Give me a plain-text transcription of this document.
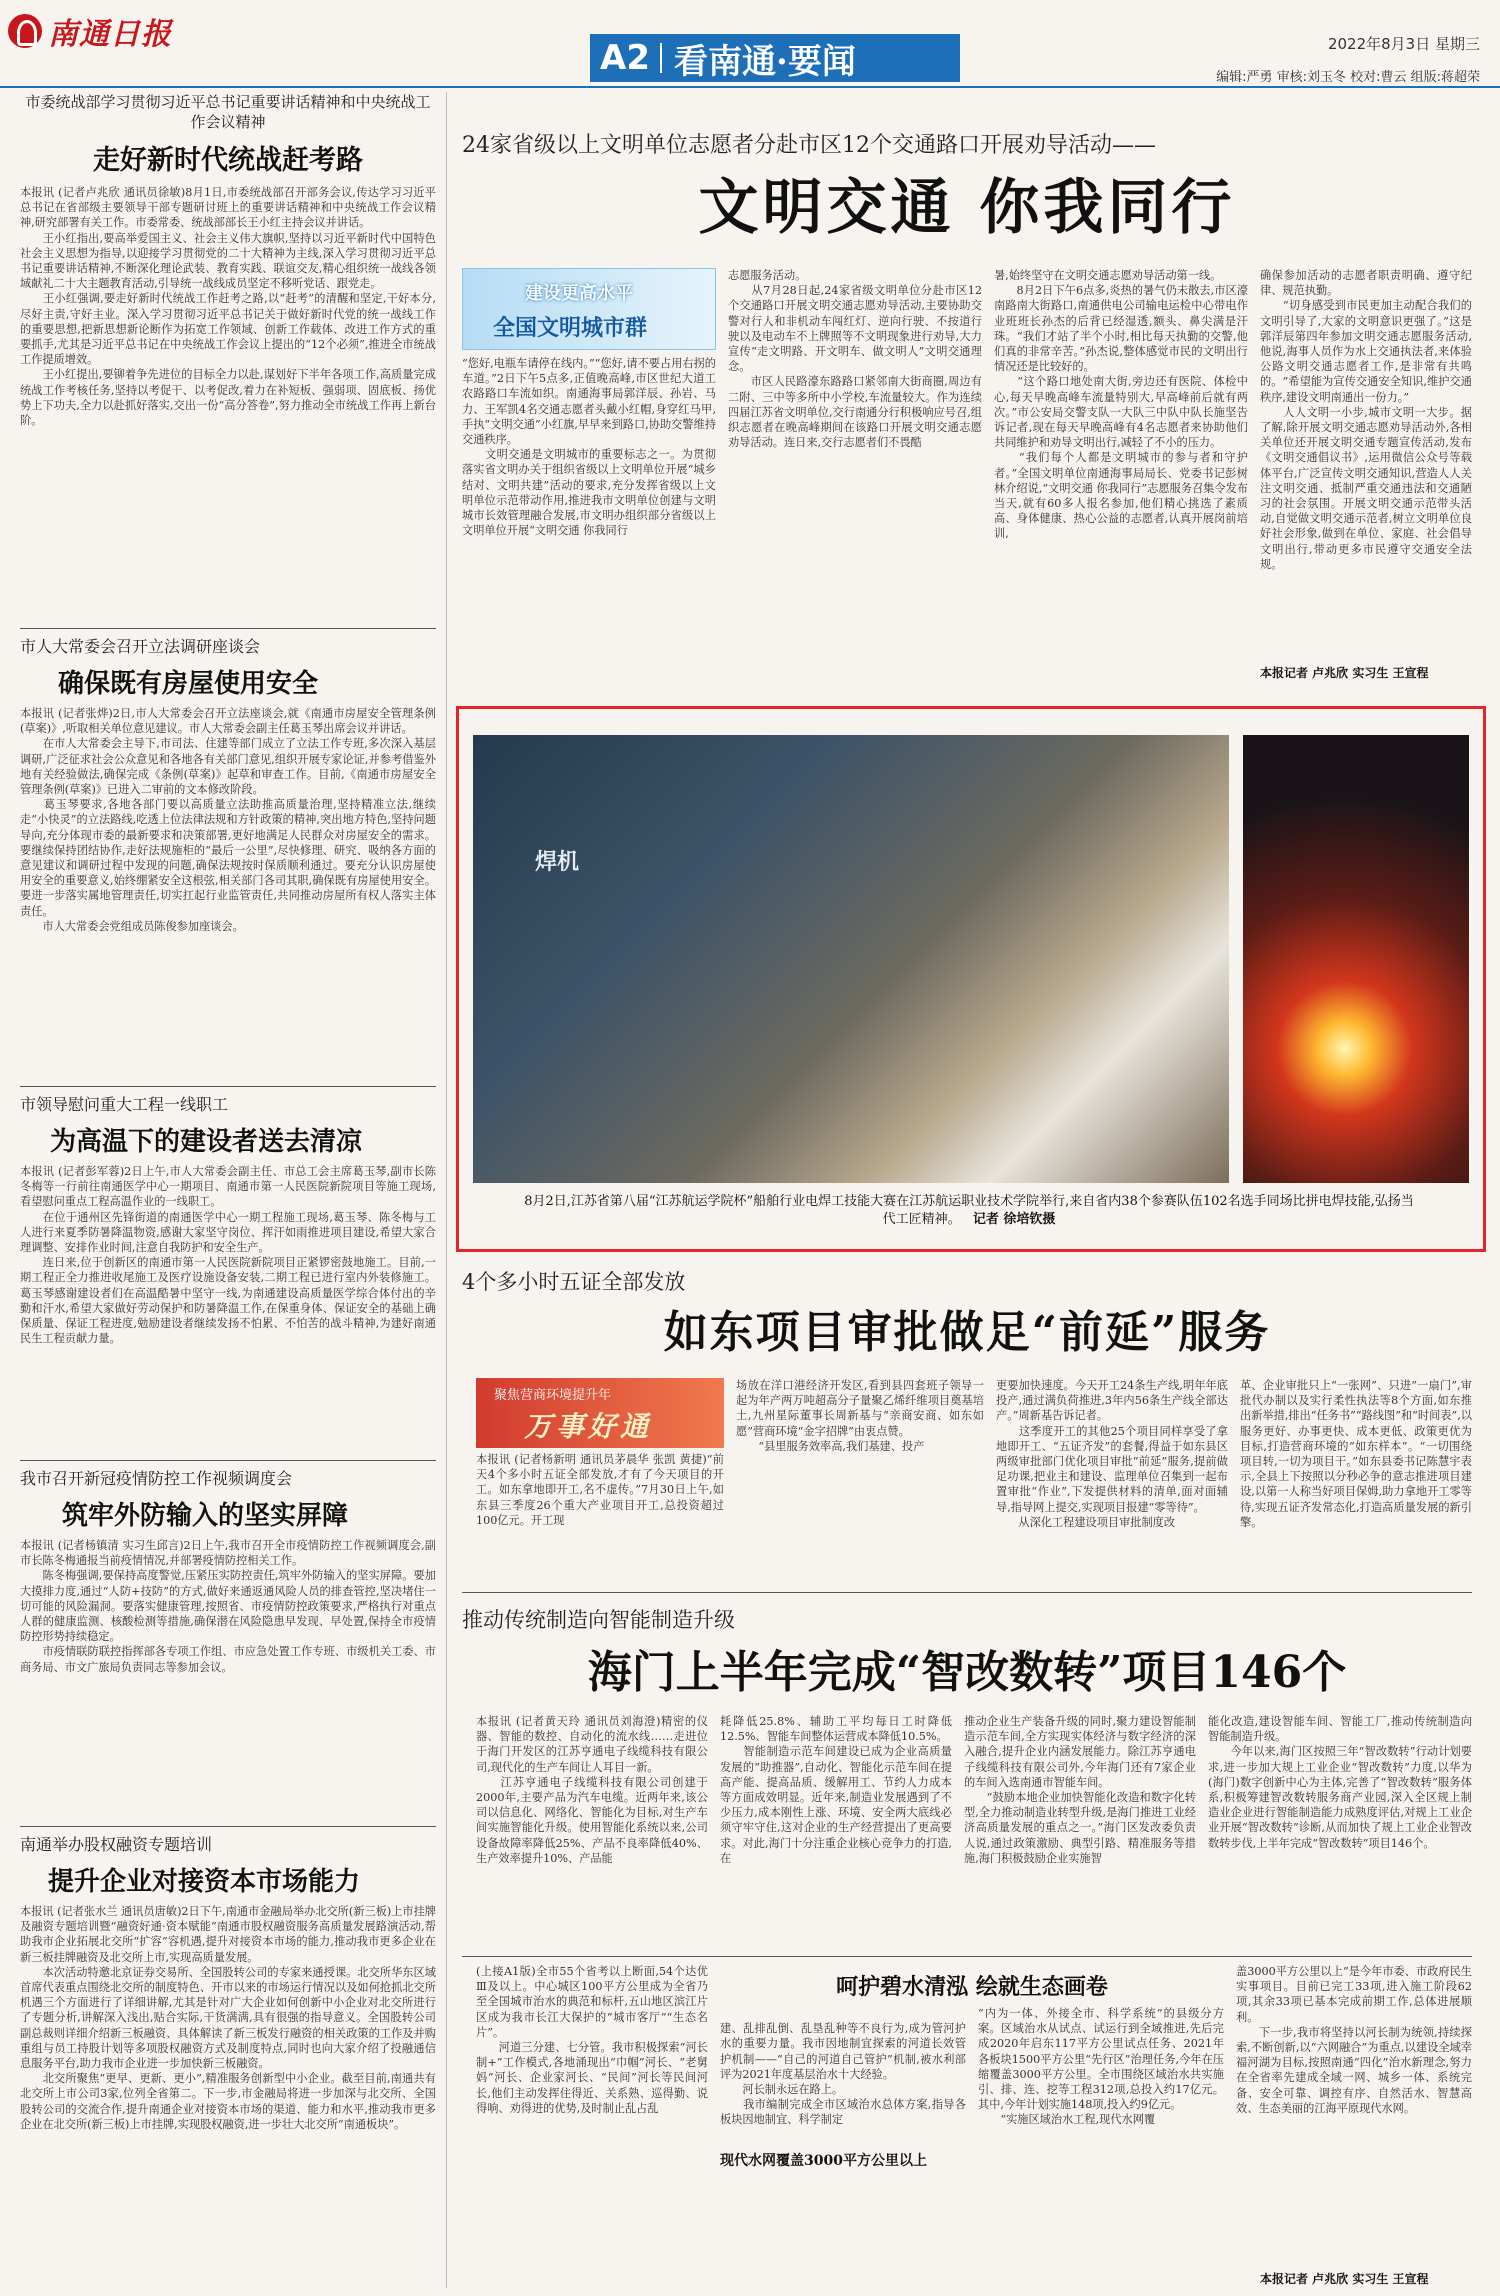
南通日报
A2 看南通·要闻	2022年8月3日 星期三
编辑:严勇 审核:刘玉冬 校对:曹云 组版:蒋超荣
市委统战部学习贯彻习近平总书记重要讲话精神和中央统战工作会议精神
走好新时代统战赶考路
本报讯 (记者卢兆欣 通讯员徐敏)8月1日,市委统战部召开部务会议,传达学习习近平总书记在省部级主要领导干部专题研讨班上的重要讲话精神和中央统战工作会议精神,研究部署有关工作。市委常委、统战部部长王小红主持会议并讲话。
　　王小红指出,要高举爱国主义、社会主义伟大旗帜,坚持以习近平新时代中国特色社会主义思想为指导,以迎接学习贯彻党的二十大精神为主线,深入学习贯彻习近平总书记重要讲话精神,不断深化理论武装、教育实践、联谊交友,精心组织统一战线各领域献礼二十大主题教育活动,引导统一战线成员坚定不移听党话、跟党走。
　　王小红强调,要走好新时代统战工作赶考之路,以“赶考”的清醒和坚定,干好本分,尽好主责,守好主业。深入学习贯彻习近平总书记关于做好新时代党的统一战线工作的重要思想,把新思想新论断作为拓宽工作领域、创新工作载体、改进工作方式的重要抓手,尤其是习近平总书记在中央统战工作会议上提出的“12个必须”,推进全市统战工作提质增效。
　　王小红提出,要铆着争先进位的目标全力以赴,谋划好下半年各项工作,高质量完成统战工作考核任务,坚持以考促干、以考促改,着力在补短板、强弱项、固底板、扬优势上下功夫,全力以赴抓好落实,交出一份“高分答卷”,努力推动全市统战工作再上新台阶。
市人大常委会召开立法调研座谈会
确保既有房屋使用安全
本报讯 (记者张烨)2日,市人大常委会召开立法座谈会,就《南通市房屋安全管理条例(草案)》,听取相关单位意见建议。市人大常委会副主任葛玉琴出席会议并讲话。
　　在市人大常委会主导下,市司法、住建等部门成立了立法工作专班,多次深入基层调研,广泛征求社会公众意见和各地各有关部门意见,组织开展专家论证,并参考借鉴外地有关经验做法,确保完成《条例(草案)》起草和审查工作。目前,《南通市房屋安全管理条例(草案)》已进入二审前的文本修改阶段。
　　葛玉琴要求,各地各部门要以高质量立法助推高质量治理,坚持精准立法,继续走“小快灵”的立法路线,吃透上位法律法规和方针政策的精神,突出地方特色,坚持问题导向,充分体现市委的最新要求和决策部署,更好地满足人民群众对房屋安全的需求。要继续保持团结协作,走好法规施柜的“最后一公里”,尽快修理、研究、吸纳各方面的意见建议和调研过程中发现的问题,确保法规按时保质顺利通过。要充分认识房屋使用安全的重要意义,始终绷紧安全这根弦,相关部门各司其职,确保既有房屋使用安全。要进一步落实属地管理责任,切实扛起行业监管责任,共同推动房屋所有权人落实主体责任。
　　市人大常委会党组成员陈俊参加座谈会。
市领导慰问重大工程一线职工
为高温下的建设者送去清凉
本报讯 (记者彭军蓉)2日上午,市人大常委会副主任、市总工会主席葛玉琴,副市长陈冬梅等一行前往南通医学中心一期项目、南通市第一人民医院新院项目等施工现场,看望慰问重点工程高温作业的一线职工。
　　在位于通州区先锋街道的南通医学中心一期工程施工现场,葛玉琴、陈冬梅与工人进行来夏季防暑降温物资,感谢大家坚守岗位、挥汗如雨推进项目建设,希望大家合理调整、安排作业时间,注意自我防护和安全生产。
　　连日来,位于创新区的南通市第一人民医院新院项目正紧锣密鼓地施工。目前,一期工程正全力推进收尾施工及医疗设施设备安装,二期工程已进行室内外装修施工。葛玉琴感谢建设者们在高温酷暑中坚守一线,为南通建设高质量医学综合体付出的辛勤和汗水,希望大家做好劳动保护和防暑降温工作,在保重身体、保证安全的基础上确保质量、保证工程进度,勉励建设者继续发扬不怕累、不怕苦的战斗精神,为建好南通民生工程贡献力量。
我市召开新冠疫情防控工作视频调度会
筑牢外防输入的坚实屏障
本报讯 (记者杨镇清 实习生邱言)2日上午,我市召开全市疫情防控工作视频调度会,副市长陈冬梅通报当前疫情情况,并部署疫情防控相关工作。
　　陈冬梅强调,要保持高度警觉,压紧压实防控责任,筑牢外防输入的坚实屏障。要加大摸排力度,通过“人防+技防”的方式,做好来通返通风险人员的排查管控,坚决堵住一切可能的风险漏洞。要落实健康管理,按照省、市疫情防控政策要求,严格执行对重点人群的健康监测、核酸检测等措施,确保潜在风险隐患早发现、早处置,保持全市疫情防控形势持续稳定。
　　市疫情联防联控指挥部各专项工作组、市应急处置工作专班、市级机关工委、市商务局、市文广旅局负责同志等参加会议。
南通举办股权融资专题培训
提升企业对接资本市场能力
本报讯 (记者张水兰 通讯员唐敏)2日下午,南通市金融局举办北交所(新三板)上市挂牌及融资专题培训暨“融资好通·资本赋能”南通市股权融资服务高质量发展路演活动,帮助我市企业拓展北交所“扩容”容机遇,提升对接资本市场的能力,推动我市更多企业在新三板挂牌融资及北交所上市,实现高质量发展。
　　本次活动特邀北京证券交易所、全国股转公司的专家来通授课。北交所华东区域首席代表重点围绕北交所的制度特色、开市以来的市场运行情况以及如何抢抓北交所机遇三个方面进行了详细讲解,尤其是针对广大企业如何创新中小企业对北交所进行了专题分析,讲解深入浅出,贴合实际,干货满满,具有很强的指导意义。全国股转公司副总裁则详细介绍新三板融资、具体解读了新三板发行融资的相关政策的工作及并购重组与员工持股计划等多项股权融资方式及制度特点,同时也向大家介绍了投融通信息服务平台,助力我市企业进一步加快新三板融资。
　　北交所聚焦“更早、更新、更小”,精准服务创新型中小企业。截至目前,南通共有北交所上市公司3家,位列全省第二。下一步,市金融局将进一步加深与北交所、全国股转公司的交流合作,提升南通企业对接资本市场的渠道、能力和水平,推动我市更多企业在北交所(新三板)上市挂牌,实现股权融资,进一步壮大北交所“南通板块”。
24家省级以上文明单位志愿者分赴市区12个交通路口开展劝导活动——
文明交通 你我同行
建设更高水平
全国文明城市群
“您好,电瓶车请停在线内。”“您好,请不要占用右拐的车道。”2日下午5点多,正值晚高峰,市区世纪大道工农路路口车流如织。南通海事局郭洋辰、孙岩、马力、王军凯4名交通志愿者头戴小红帽,身穿红马甲,手执“文明交通”小红旗,早早来到路口,协助交警维持交通秩序。
　　文明交通是文明城市的重要标志之一。为贯彻落实省文明办关于组织省级以上文明单位开展“城乡结对、文明共建”活动的要求,充分发挥省级以上文明单位示范带动作用,推进我市文明单位创建与文明城市长效管理融合发展,市文明办组织部分省级以上文明单位开展“文明交通 你我同行
志愿服务活动。
　　从7月28日起,24家省级文明单位分赴市区12个交通路口开展文明交通志愿劝导活动,主要协助交警对行人和非机动车闯红灯、逆向行驶、不按道行驶以及电动车不上牌照等不文明现象进行劝导,大力宣传“走文明路、开文明车、做文明人”文明交通理念。
　　市区人民路濠东路路口紧邻南大街商圈,周边有二附、三中等多所中小学校,车流量较大。作为连续四届江苏省文明单位,交行南通分行积极响应号召,组织志愿者在晚高峰期间在该路口开展文明交通志愿劝导活动。连日来,交行志愿者们不畏酷
暑,始终坚守在文明交通志愿劝导活动第一线。
　　8月2日下午6点多,炎热的暑气仍未散去,市区濠南路南大街路口,南通供电公司输电运检中心带电作业班班长孙杰的后背已经湿透,额头、鼻尖满是汗珠。“我们才站了半个小时,相比每天执勤的交警,他们真的非常辛苦。”孙杰说,整体感觉市民的文明出行情况还是比较好的。
　　“这个路口地处南大街,旁边还有医院、体检中心,每天早晚高峰车流量特别大,早高峰前后就有两次。”市公安局交警支队一大队三中队中队长施坚告诉记者,现在每天早晚高峰有4名志愿者来协助他们共同维护和劝导文明出行,减轻了不小的压力。
　　“我们每个人都是文明城市的参与者和守护者。”全国文明单位南通海事局局长、党委书记彭树林介绍说,“文明交通 你我同行”志愿服务召集令发布当天,就有60多人报名参加,他们精心挑选了素质高、身体健康、热心公益的志愿者,认真开展岗前培训,
确保参加活动的志愿者职责明确、遵守纪律、规范执勤。
　　“切身感受到市民更加主动配合我们的文明引导了,大家的文明意识更强了。”这是郭洋辰第四年参加文明交通志愿服务活动,他说,海事人员作为水上交通执法者,来体验公路文明交通志愿者工作,是非常有共鸣的。“希望能为宣传交通安全知识,维护交通秩序,建设文明南通出一份力。”
　　人人文明一小步,城市文明一大步。据了解,除开展文明交通志愿劝导活动外,各相关单位还开展文明交通专题宣传活动,发布《文明交通倡议书》,运用微信公众号等载体平台,广泛宣传文明交通知识,营造人人关注文明交通、抵制严重交通违法和交通陋习的社会氛围。开展文明交通示范带头活动,自觉做文明交通示范者,树立文明单位良好社会形象,做到在单位、家庭、社会倡导文明出行,带动更多市民遵守交通安全法规。
本报记者 卢兆欣 实习生 王宣程
焊机
8月2日,江苏省第八届“江苏航运学院杯”船舶行业电焊工技能大赛在江苏航运职业技术学院举行,来自省内38个参赛队伍102名选手同场比拼电焊技能,弘扬当代工匠精神。 记者 徐培钦摄
4个多小时五证全部发放
如东项目审批做足“前延”服务
聚焦营商环境提升年
万事好通
本报讯 (记者杨新明 通讯员茅晨华 张凯 黄捷)“前天4个多小时五证全部发放,才有了今天项目的开工。如东拿地即开工,名不虚传。”7月30日上午,如东县三季度26个重大产业项目开工,总投资超过100亿元。开工现
场放在洋口港经济开发区,看到县四套班子领导一起为年产两万吨超高分子量聚乙烯纤维项目奠基培土,九州星际董事长周新基与“亲商安商、如东如愿”营商环境“金字招牌”由衷点赞。
　　“县里服务效率高,我们基建、投产
更要加快速度。今天开工24条生产线,明年年底投产,通过满负荷推进,3年内56条生产线全部达产。”周新基告诉记者。
　　这季度开工的其他25个项目同样享受了拿地即开工、“五证齐发”的套餐,得益于如东县区两级审批部门优化项目审批“前延”服务,提前做足功课,把业主和建设、监理单位召集到一起布置审批“作业”,下发提供材料的清单,面对面辅导,指导网上提交,实现项目报建“零等待”。
　　从深化工程建设项目审批制度改
革、企业审批只上“一张网”、只进“一扇门”,审批代办制以及实行柔性执法等8个方面,如东推出新举措,排出“任务书”“路线图”和“时间表”,以服务更好、办事更快、成本更低、政策更优为目标,打造营商环境的“如东样本”。“一切围绕项目转,一切为项目干。”如东县委书记陈慧宇表示,全县上下按照以分秒必争的意志推进项目建设,以第一人称当好项目保姆,助力拿地开工零等待,实现五证齐发常态化,打造高质量发展的新引擎。
推动传统制造向智能制造升级
海门上半年完成“智改数转”项目146个
本报讯 (记者黄天玲 通讯员刘海澄)精密的仪器、智能的数控、自动化的流水线……走进位于海门开发区的江苏亨通电子线缆科技有限公司,现代化的生产车间让人耳目一新。
　　江苏亨通电子线缆科技有限公司创建于2000年,主要产品为汽车电缆。近两年来,该公司以信息化、网络化、智能化为目标,对生产车间实施智能化升级。使用智能化系统以来,公司设备故障率降低25%、产品不良率降低40%、生产效率提升10%、产品能
耗降低25.8%、辅助工平均每日工时降低12.5%、智能车间整体运营成本降低10.5%。
　　智能制造示范车间建设已成为企业高质量发展的“助推器”,自动化、智能化示范车间在提高产能、提高品质、缓解用工、节约人力成本等方面成效明显。近年来,制造业发展遇到了不少压力,成本刚性上涨、环境、安全两大底线必须守牢守住,这对企业的生产经营提出了更高要求。对此,海门十分注重企业核心竞争力的打造,在
推动企业生产装备升级的同时,聚力建设智能制造示范车间,全方实现实体经济与数字经济的深入融合,提升企业内涵发展能力。除江苏亨通电子线缆科技有限公司外,今年海门还有7家企业的车间入选南通市智能车间。
　　“鼓励本地企业加快智能化改造和数字化转型,全力推动制造业转型升级,是海门推进工业经济高质量发展的重点之一。”海门区发改委负责人说,通过政策激励、典型引路、精准服务等措施,海门积极鼓励企业实施智
能化改造,建设智能车间、智能工厂,推动传统制造向智能制造升级。
　　今年以来,海门区按照三年“智改数转”行动计划要求,进一步加大规上工业企业“智改数转”力度,以华为(海门)数字创新中心为主体,完善了“智改数转”服务体系,积极筹建智改数转服务商产业园,深入全区规上制造业企业进行智能制造能力成熟度评估,对规上工业企业开展“智改数转”诊断,从而加快了规上工业企业智改数转步伐,上半年完成“智改数转”项目146个。
(上接A1版)全市55个省考以上断面,54个达优Ⅲ及以上。中心城区100平方公里成为全省乃至全国城市治水的典范和标杆,五山地区滨江片区成为我市长江大保护的“城市客厅”“生态名片”。
　　河道三分建、七分管。我市积极探索“河长制+”工作模式,各地涌现出“巾帼”河长、“老舅妈”河长、企业家河长、“民间”河长等民间河长,他们主动发挥住得近、关系熟、巡得勤、说得响、劝得进的优势,及时制止乱占乱
呵护碧水清泓 绘就生态画卷

建、乱排乱倒、乱垦乱种等不良行为,成为管河护水的重要力量。我市因地制宜探索的河道长效管护机制——“自己的河道自己管护”机制,被水利部评为2021年度基层治水十大经验。
　　河长制永远在路上。
　　我市编制完成全市区域治水总体方案,指导各板块因地制宜、科学制定

现代水网覆盖3000平方公里以上
“内为一体、外接全市、科学系统”的县级分方案。区域治水从试点、试运行到全域推进,先后完成2020年启东117平方公里试点任务、2021年各板块1500平方公里“先行区”治理任务,今年在压缩覆盖3000平方公里。全市围绕区域治水共实施引、排、连、挖等工程312项,总投入约17亿元。其中,今年计划实施148项,投入约9亿元。
　　“实施区域治水工程,现代水网覆
盖3000平方公里以上”是今年市委、市政府民生实事项目。目前已完工33项,进入施工阶段62项,其余33项已基本完成前期工作,总体进展顺利。
　　下一步,我市将坚持以河长制为统领,持续探索,不断创新,以“六网融合”为重点,以建设全域幸福河湖为目标,按照南通“四化”治水新理念,努力在全省率先建成全域一网、城乡一体、系统完备、安全可靠、调控有序、自然活水、智慧高效、生态美丽的江海平原现代水网。
本报记者 卢兆欣 实习生 王宣程
